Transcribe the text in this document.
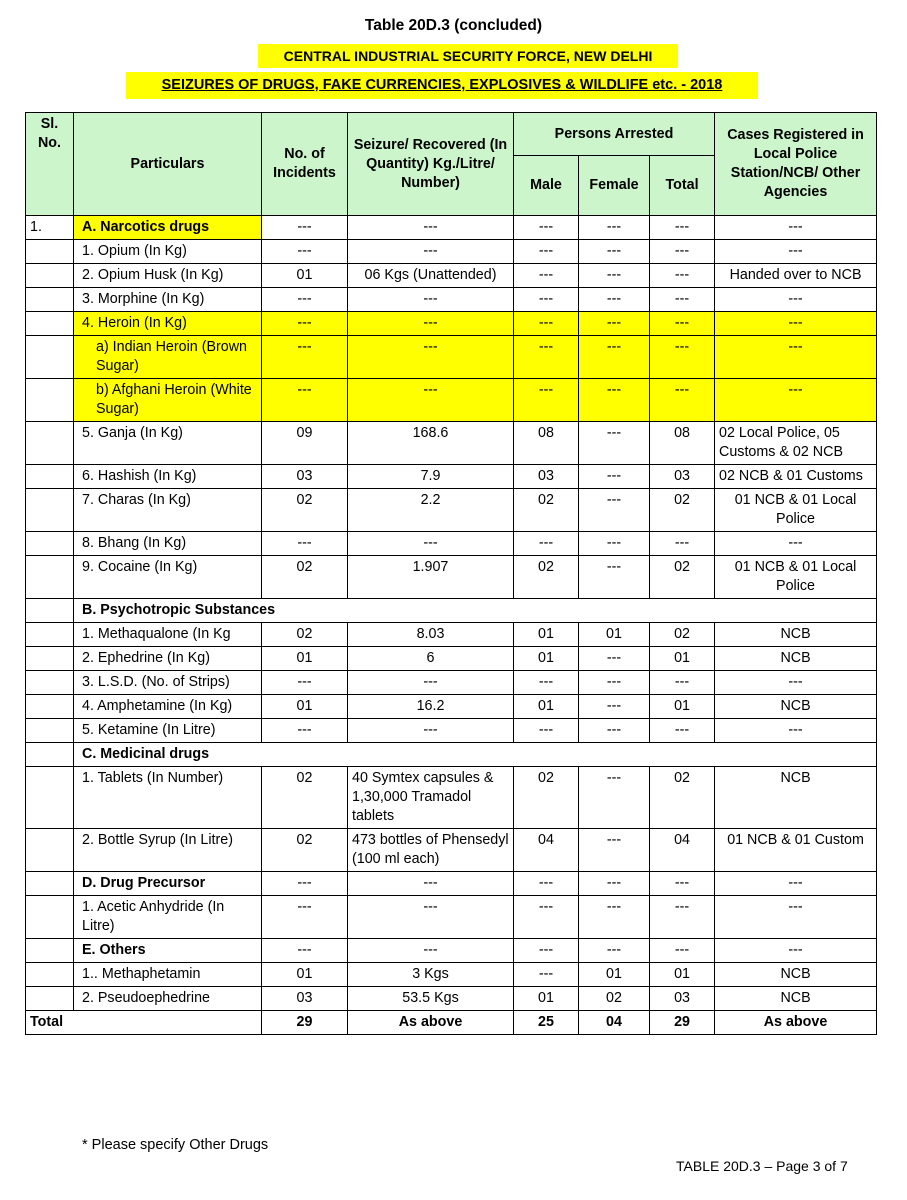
Table 20D.3 (concluded)
CENTRAL INDUSTRIAL SECURITY FORCE, NEW DELHI
SEIZURES OF DRUGS, FAKE CURRENCIES, EXPLOSIVES & WILDLIFE etc. - 2018
Sl. No.	Particulars	No. of Incidents	Seizure/ Recovered (In Quantity) Kg./Litre/ Number)	Persons Arrested			Cases Registered in Local Police Station/NCB/ Other Agencies
				Male	Female	Total	
1.	A. Narcotics drugs	---	---	---	---	---	---
	1. Opium (In Kg)	---	---	---	---	---	---
	2. Opium Husk (In Kg)	01	06 Kgs (Unattended)	---	---	---	Handed over to NCB
	3. Morphine (In Kg)	---	---	---	---	---	---
	4. Heroin (In Kg)	---	---	---	---	---	---
	a) Indian Heroin (Brown Sugar)	---	---	---	---	---	---
	b) Afghani Heroin (White Sugar)	---	---	---	---	---	---
	5. Ganja (In Kg)	09	168.6	08	---	08	02 Local Police, 05 Customs & 02 NCB
	6. Hashish (In Kg)	03	7.9	03	---	03	02 NCB & 01 Customs
	7. Charas (In Kg)	02	2.2	02	---	02	01 NCB & 01 Local Police
	8. Bhang (In Kg)	---	---	---	---	---	---
	9. Cocaine (In Kg)	02	1.907	02	---	02	01 NCB & 01 Local Police
	B. Psychotropic Substances						
	1. Methaqualone (In Kg	02	8.03	01	01	02	NCB
	2. Ephedrine (In Kg)	01	6	01	---	01	NCB
	3. L.S.D. (No. of Strips)	---	---	---	---	---	---
	4. Amphetamine (In Kg)	01	16.2	01	---	01	NCB
	5. Ketamine (In Litre)	---	---	---	---	---	---
	C. Medicinal drugs						
	1. Tablets (In Number)	02	40 Symtex capsules & 1,30,000 Tramadol tablets	02	---	02	NCB
	2. Bottle Syrup (In Litre)	02	473 bottles of Phensedyl (100 ml each)	04	---	04	01 NCB & 01 Custom
	D. Drug Precursor	---	---	---	---	---	---
	1. Acetic Anhydride (In Litre)	---	---	---	---	---	---
	E. Others	---	---	---	---	---	---
	1.. Methaphetamin	01	3 Kgs	---	01	01	NCB
	2. Pseudoephedrine	03	53.5 Kgs	01	02	03	NCB
Total		29	As above	25	04	29	As above
* Please specify Other Drugs
TABLE 20D.3 – Page 3 of 7
